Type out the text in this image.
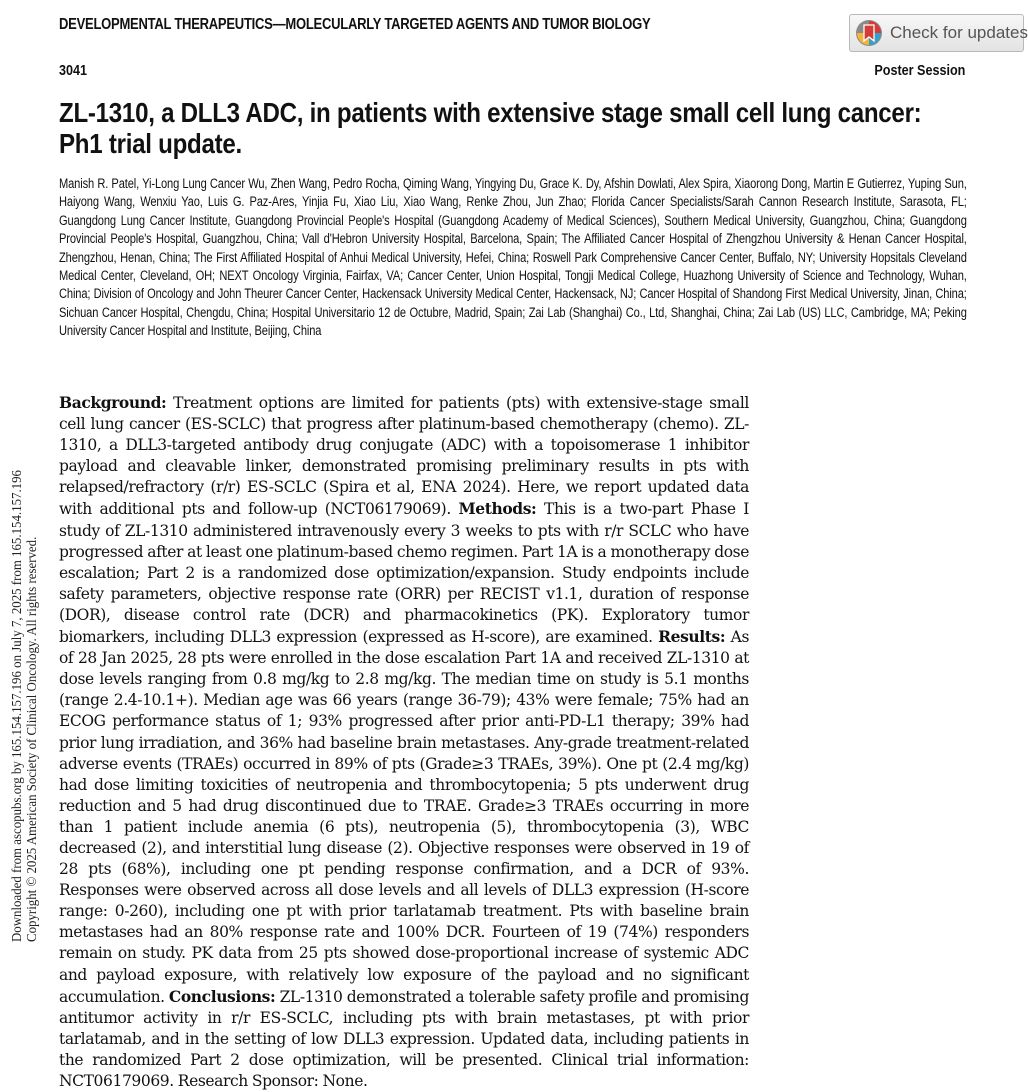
DEVELOPMENTAL THERAPEUTICS—MOLECULARLY TARGETED AGENTS AND TUMOR BIOLOGY	Check for updates
3041	Poster Session
ZL-1310, a DLL3 ADC, in patients with extensive stage small cell lung cancer: Ph1 trial update.
Manish R. Patel, Yi-Long Lung Cancer Wu, Zhen Wang, Pedro Rocha, Qiming Wang, Yingying Du, Grace K. Dy, Afshin Dowlati, Alex Spira, Xiaorong Dong, Martin E Gutierrez, Yuping Sun, Haiyong Wang, Wenxiu Yao, Luis G. Paz-Ares, Yinjia Fu, Xiao Liu, Xiao Wang, Renke Zhou, Jun Zhao; Florida Cancer Specialists/Sarah Cannon Research Institute, Sarasota, FL; Guangdong Lung Cancer Institute, Guangdong Provincial People's Hospital (Guangdong Academy of Medical Sciences), Southern Medical University, Guangzhou, China; Guangdong Provincial People's Hospital, Guangzhou, China; Vall d'Hebron University Hospital, Barcelona, Spain; The Affiliated Cancer Hospital of Zhengzhou University & Henan Cancer Hospital, Zhengzhou, Henan, China; The First Affiliated Hospital of Anhui Medical University, Hefei, China; Roswell Park Comprehensive Cancer Center, Buffalo, NY; University Hopsitals Cleveland Medical Center, Cleveland, OH; NEXT Oncology Virginia, Fairfax, VA; Cancer Center, Union Hospital, Tongji Medical College, Huazhong University of Science and Technology, Wuhan, China; Division of Oncology and John Theurer Cancer Center, Hackensack University Medical Center, Hackensack, NJ; Cancer Hospital of Shandong First Medical University, Jinan, China; Sichuan Cancer Hospital, Chengdu, China; Hospital Universitario 12 de Octubre, Madrid, Spain; Zai Lab (Shanghai) Co., Ltd, Shanghai, China; Zai Lab (US) LLC, Cambridge, MA; Peking University Cancer Hospital and Institute, Beijing, China
Background: Treatment options are limited for patients (pts) with extensive-stage small cell lung cancer (ES-SCLC) that progress after platinum-based chemotherapy (chemo). ZL-1310, a DLL3-targeted antibody drug conjugate (ADC) with a topoisomerase 1 inhibitor payload and cleavable linker, demonstrated promising preliminary results in pts with relapsed/refractory (r/r) ES-SCLC (Spira et al, ENA 2024). Here, we report updated data with additional pts and follow-up (NCT06179069). Methods: This is a two-part Phase I study of ZL-1310 administered intravenously every 3 weeks to pts with r/r SCLC who have progressed after at least one platinum-based chemo regimen. Part 1A is a monotherapy dose escalation; Part 2 is a randomized dose optimization/expansion. Study endpoints include safety parameters, objective response rate (ORR) per RECIST v1.1, duration of response (DOR), disease control rate (DCR) and pharmacokinetics (PK). Exploratory tumor biomarkers, including DLL3 expression (expressed as H-score), are examined. Results: As of 28 Jan 2025, 28 pts were enrolled in the dose escalation Part 1A and received ZL-1310 at dose levels ranging from 0.8 mg/kg to 2.8 mg/kg. The median time on study is 5.1 months (range 2.4-10.1+). Median age was 66 years (range 36-79); 43% were female; 75% had an ECOG performance status of 1; 93% progressed after prior anti-PD-L1 therapy; 39% had prior lung irradiation, and 36% had baseline brain metastases. Any-grade treatment-related adverse events (TRAEs) occurred in 89% of pts (Grade≥3 TRAEs, 39%). One pt (2.4 mg/kg) had dose limiting toxicities of neutropenia and thrombocytopenia; 5 pts underwent drug reduction and 5 had drug discontinued due to TRAE. Grade≥3 TRAEs occurring in more than 1 patient include anemia (6 pts), neutropenia (5), thrombocytopenia (3), WBC decreased (2), and interstitial lung disease (2). Objective responses were observed in 19 of 28 pts (68%), including one pt pending response confirmation, and a DCR of 93%. Responses were observed across all dose levels and all levels of DLL3 expression (H-score range: 0-260), including one pt with prior tarlatamab treatment. Pts with baseline brain metastases had an 80% response rate and 100% DCR. Fourteen of 19 (74%) responders remain on study. PK data from 25 pts showed dose-proportional increase of systemic ADC and payload exposure, with relatively low exposure of the payload and no significant accumulation. Conclusions: ZL-1310 demonstrated a tolerable safety profile and promising antitumor activity in r/r ES-SCLC, including pts with brain metastases, pt with prior tarlatamab, and in the setting of low DLL3 expression. Updated data, including patients in the randomized Part 2 dose optimization, will be presented. Clinical trial information: NCT06179069. Research Sponsor: None.
Downloaded from ascopubs.org by 165.154.157.196 on July 7, 2025 from 165.154.157.196 Copyright © 2025 American Society of Clinical Oncology. All rights reserved.
